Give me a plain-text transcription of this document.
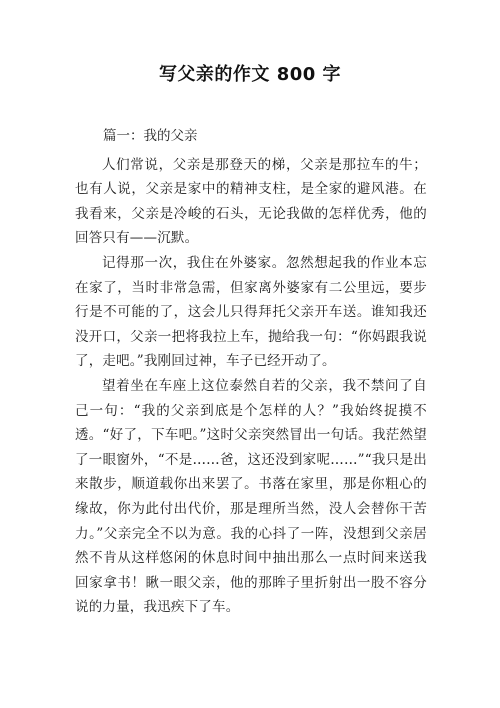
写父亲的作文 800 字
篇一：我的父亲

人们常说，父亲是那登天的梯，父亲是那拉车的牛；也有人说，父亲是家中的精神支柱，是全家的避风港。在我看来，父亲是冷峻的石头，无论我做的怎样优秀，他的回答只有——沉默。

记得那一次，我住在外婆家。忽然想起我的作业本忘在家了，当时非常急需，但家离外婆家有二公里远，要步行是不可能的了，这会儿只得拜托父亲开车送。谁知我还没开口，父亲一把将我拉上车，抛给我一句：“你妈跟我说了，走吧。”我刚回过神，车子已经开动了。

望着坐在车座上这位泰然自若的父亲，我不禁问了自己一句：“我的父亲到底是个怎样的人？”我始终捉摸不透。“好了，下车吧。”这时父亲突然冒出一句话。我茫然望了一眼窗外，“不是……爸，这还没到家呢……”“我只是出来散步，顺道载你出来罢了。书落在家里，那是你粗心的缘故，你为此付出代价，那是理所当然，没人会替你干苦力。”父亲完全不以为意。我的心抖了一阵，没想到父亲居然不肯从这样悠闲的休息时间中抽出那么一点时间来送我回家拿书！瞅一眼父亲，他的那眸子里折射出一股不容分说的力量，我迅疾下了车。
